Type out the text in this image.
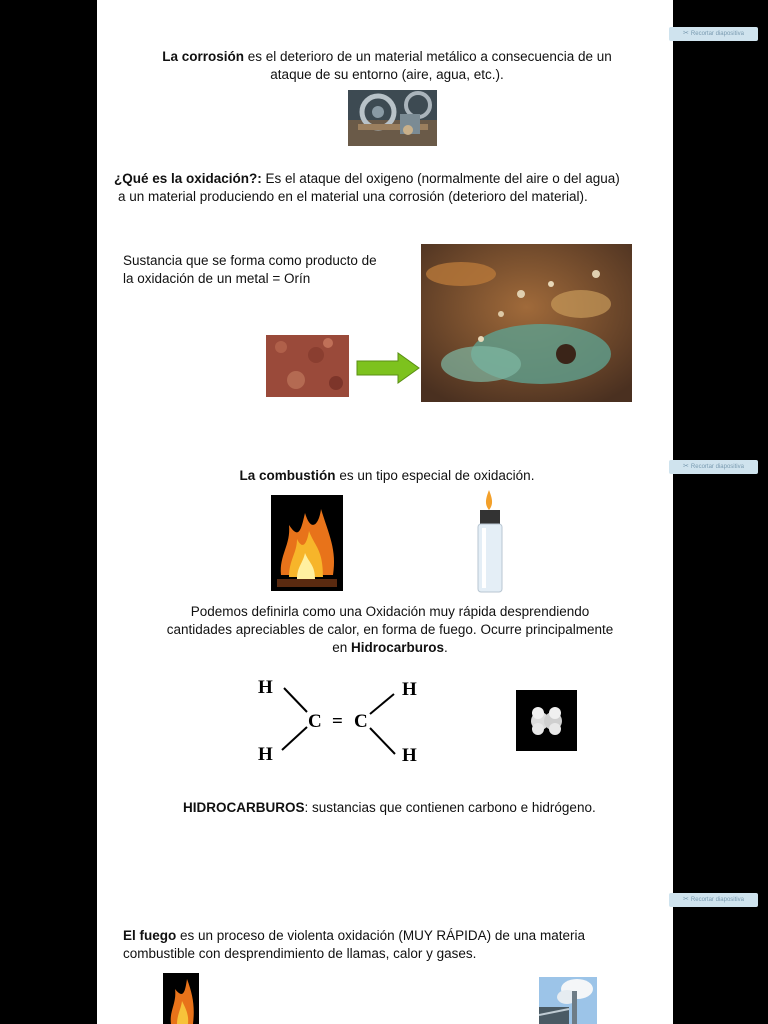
La corrosión es el deterioro de un material metálico a consecuencia de un
ataque de su entorno (aire, agua, etc.).
¿Qué es la oxidación?: Es el ataque del oxigeno (normalmente del aire o del agua)
a un material produciendo en el material una corrosión (deterioro del material).
Sustancia que se forma como producto de
la oxidación de un metal = Orín
La combustión es un tipo especial de oxidación.
Podemos definirla como una Oxidación muy rápida desprendiendo
cantidades apreciables de calor, en forma de fuego. Ocurre principalmente
en Hidrocarburos.
H
H
H
H
C C
=
HIDROCARBUROS: sustancias que contienen carbono e hidrógeno.
El fuego es un proceso de violenta oxidación (MUY RÁPIDA) de una materia
combustible con desprendimiento de llamas, calor y gases.
✂ Recortar diapositiva
✂ Recortar diapositiva
✂ Recortar diapositiva
